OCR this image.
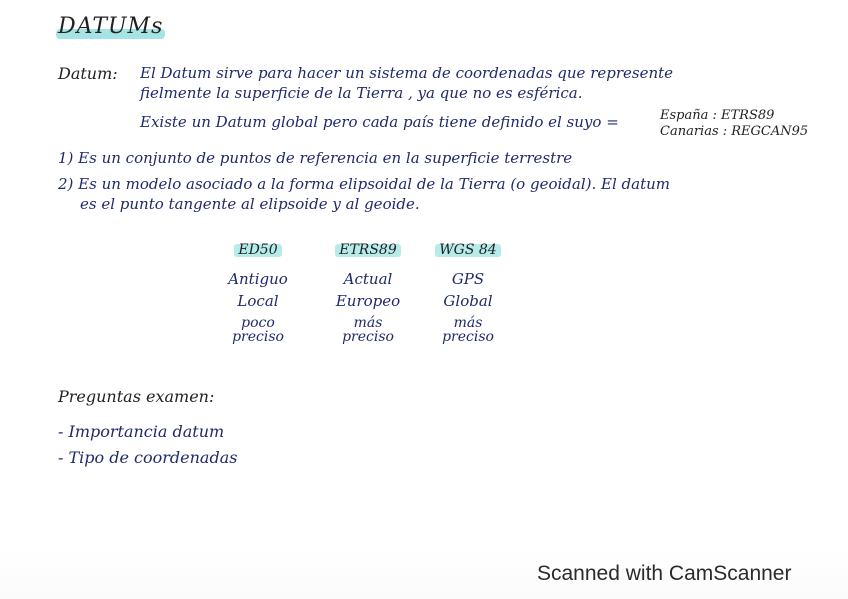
DATUMs
Datum: El Datum sirve para hacer un sistema de coordenadas que represente
fielmente la superficie de la Tierra , ya que no es esférica.
Existe un Datum global pero cada país tiene definido el suyo =	España : ETRS89
Canarias : REGCAN95
1) Es un conjunto de puntos de referencia en la superficie terrestre
2) Es un modelo asociado a la forma elipsoidal de la Tierra (o geoidal). El datum
es el punto tangente al elipsoide y al geoide.
ED50
Antiguo
Local
poco
preciso
ETRS89
Actual
Europeo
más
preciso
WGS 84
GPS
Global
más
preciso
Preguntas examen:
- Importancia datum
- Tipo de coordenadas
Scanned with CamScanner
